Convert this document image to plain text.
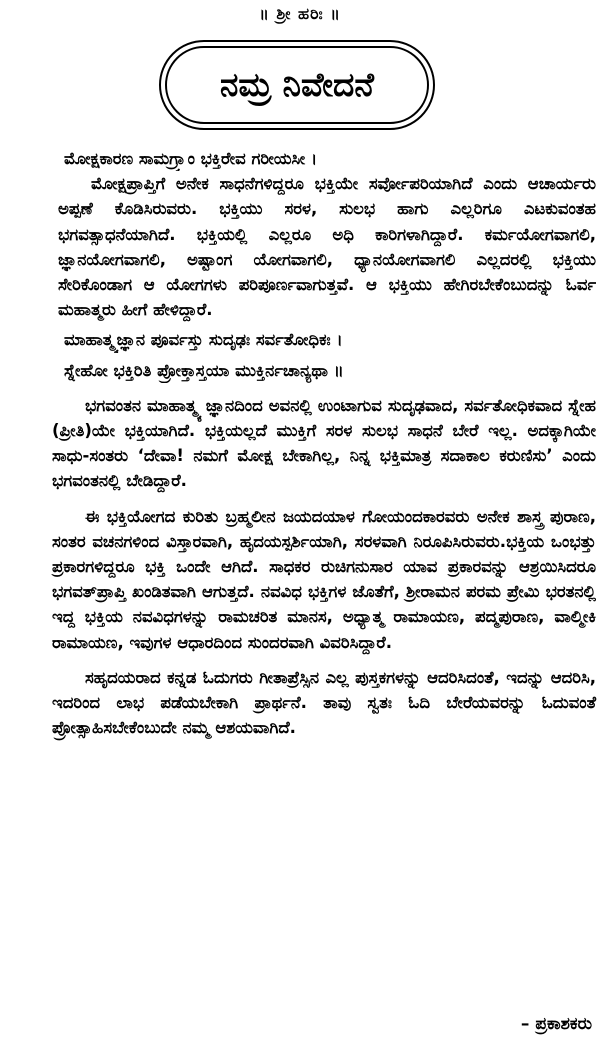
॥ ಶ್ರೀ ಹರಿಃ ॥
ನಮ್ರ ನಿವೇದನೆ

ಮೋಕ್ಷಕಾರಣ ಸಾಮಗ್ರ್ಯಾಂ ಭಕ್ತಿರೇವ ಗರೀಯಸೀ ।

ಮೋಕ್ಷಪ್ರಾಪ್ತಿಗೆ ಅನೇಕ ಸಾಧನೆಗಳಿದ್ದರೂ ಭಕ್ತಿಯೇ ಸರ್ವೋಪರಿಯಾಗಿದೆ ಎಂದು ಆಚಾರ್ಯರು ಅಪ್ಪಣೆ ಕೊಡಿಸಿರುವರು. ಭಕ್ತಿಯು ಸರಳ, ಸುಲಭ ಹಾಗು ಎಲ್ಲರಿಗೂ ಎಟಕುವಂತಹ ಭಗವತ್ಸಾಧನೆಯಾಗಿದೆ. ಭಕ್ತಿಯಲ್ಲಿ ಎಲ್ಲರೂ ಅಧಿ ಕಾರಿಗಳಾಗಿದ್ದಾರೆ. ಕರ್ಮಯೋಗವಾಗಲಿ, ಜ್ಞಾನಯೋಗವಾಗಲಿ, ಅಷ್ಟಾಂಗ ಯೋಗವಾಗಲಿ, ಧ್ಯಾನಯೋಗವಾಗಲಿ ಎಲ್ಲದರಲ್ಲಿ ಭಕ್ತಿಯು ಸೇರಿಕೊಂಡಾಗ ಆ ಯೋಗಗಳು ಪರಿಪೂರ್ಣವಾಗುತ್ತವೆ. ಆ ಭಕ್ತಿಯು ಹೇಗಿರಬೇಕೆಂಬುದನ್ನು ಓರ್ವ ಮಹಾತ್ಮರು ಹೀಗೆ ಹೇಳಿದ್ದಾರೆ.

ಮಾಹಾತ್ಮ್ಯಜ್ಞಾನ ಪೂರ್ವಸ್ತು ಸುದೃಢಃ ಸರ್ವತೋಧಿಕಃ ।

ಸ್ನೇಹೋ ಭಕ್ತಿರಿತಿ ಪ್ರೋಕ್ತಾಸ್ತಯಾ ಮುಕ್ತಿರ್ನಚಾನ್ಯಥಾ ॥

ಭಗವಂತನ ಮಾಹಾತ್ಮ್ಯ ಜ್ಞಾನದಿಂದ ಅವನಲ್ಲಿ ಉಂಟಾಗುವ ಸುದೃಢವಾದ, ಸರ್ವತೋಧಿಕವಾದ ಸ್ನೇಹ (ಪ್ರೀತಿ)ಯೇ ಭಕ್ತಿಯಾಗಿದೆ. ಭಕ್ತಿಯಲ್ಲದೆ ಮುಕ್ತಿಗೆ ಸರಳ ಸುಲಭ ಸಾಧನೆ ಬೇರೆ ಇಲ್ಲ. ಅದಕ್ಕಾಗಿಯೇ ಸಾಧು-ಸಂತರು ‘ದೇವಾ! ನಮಗೆ ಮೋಕ್ಷ ಬೇಕಾಗಿಲ್ಲ, ನಿನ್ನ ಭಕ್ತಿಮಾತ್ರ ಸದಾಕಾಲ ಕರುಣಿಸು’ ಎಂದು ಭಗವಂತನಲ್ಲಿ ಬೇಡಿದ್ದಾರೆ.

ಈ ಭಕ್ತಿಯೋಗದ ಕುರಿತು ಬ್ರಹ್ಮಲೀನ ಜಯದಯಾಳ ಗೋಯಂದಕಾರವರು ಅನೇಕ ಶಾಸ್ತ್ರ ಪುರಾಣ, ಸಂತರ ವಚನಗಳಿಂದ ವಿಸ್ತಾರವಾಗಿ, ಹೃದಯಸ್ಪರ್ಶಿಯಾಗಿ, ಸರಳವಾಗಿ ನಿರೂಪಿಸಿರುವರು.ಭಕ್ತಿಯ ಒಂಭತ್ತು ಪ್ರಕಾರಗಳಿದ್ದರೂ ಭಕ್ತಿ ಒಂದೇ ಆಗಿದೆ. ಸಾಧಕರ ರುಚಿಗನುಸಾರ ಯಾವ ಪ್ರಕಾರವನ್ನು ಆಶ್ರಯಿಸಿದರೂ ಭಗವತ್‌ಪ್ರಾಪ್ತಿ ಖಂಡಿತವಾಗಿ ಆಗುತ್ತದೆ. ನವವಿಧ ಭಕ್ತಿಗಳ ಜೊತೆಗೆ, ಶ್ರೀರಾಮನ ಪರಮ ಪ್ರೇಮಿ ಭರತನಲ್ಲಿ ಇದ್ದ ಭಕ್ತಿಯ ನವವಿಧಗಳನ್ನು ರಾಮಚರಿತ ಮಾನಸ, ಅಧ್ಯಾತ್ಮ ರಾಮಾಯಣ, ಪದ್ಮಪುರಾಣ, ವಾಲ್ಮೀಕಿ ರಾಮಾಯಣ, ಇವುಗಳ ಆಧಾರದಿಂದ ಸುಂದರವಾಗಿ ವಿವರಿಸಿದ್ದಾರೆ.

ಸಹೃದಯರಾದ ಕನ್ನಡ ಓದುಗರು ಗೀತಾಪ್ರೆಸ್ಸಿನ ಎಲ್ಲ ಪುಸ್ತಕಗಳನ್ನು ಆದರಿಸಿದಂತೆ, ಇದನ್ನು ಆದರಿಸಿ, ಇದರಿಂದ ಲಾಭ ಪಡೆಯಬೇಕಾಗಿ ಪ್ರಾರ್ಥನೆ. ತಾವು ಸ್ವತಃ ಓದಿ ಬೇರೆಯವರನ್ನು ಓದುವಂತೆ ಪ್ರೋತ್ಸಾಹಿಸಬೇಕೆಂಬುದೇ ನಮ್ಮ ಆಶಯವಾಗಿದೆ.

– ಪ್ರಕಾಶಕರು
